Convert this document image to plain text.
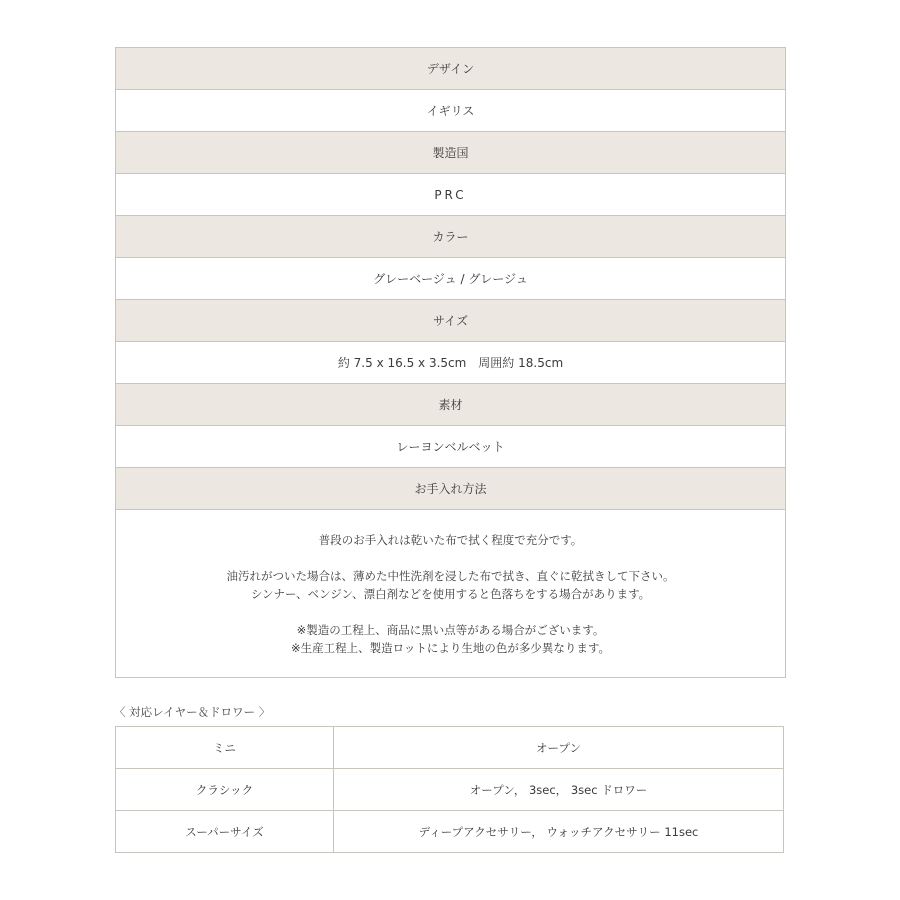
デザイン
イギリス
製造国
PRC
カラー
グレーベージュ / グレージュ
サイズ
約 7.5 x 16.5 x 3.5cm　周囲約 18.5cm
素材
レーヨンベルベット
お手入れ方法

普段のお手入れは乾いた布で拭く程度で充分です。

油汚れがついた場合は、薄めた中性洗剤を浸した布で拭き、直ぐに乾拭きして下さい。

シンナー、ベンジン、漂白剤などを使用すると色落ちをする場合があります。

※製造の工程上、商品に黒い点等がある場合がございます。

※生産工程上、製造ロットにより生地の色が多少異なります。

〈 対応レイヤー＆ドロワー 〉
ミニ	オープン
クラシック	オープン， 3sec， 3sec ドロワー
スーパーサイズ	ディープアクセサリー， ウォッチアクセサリー 11sec
